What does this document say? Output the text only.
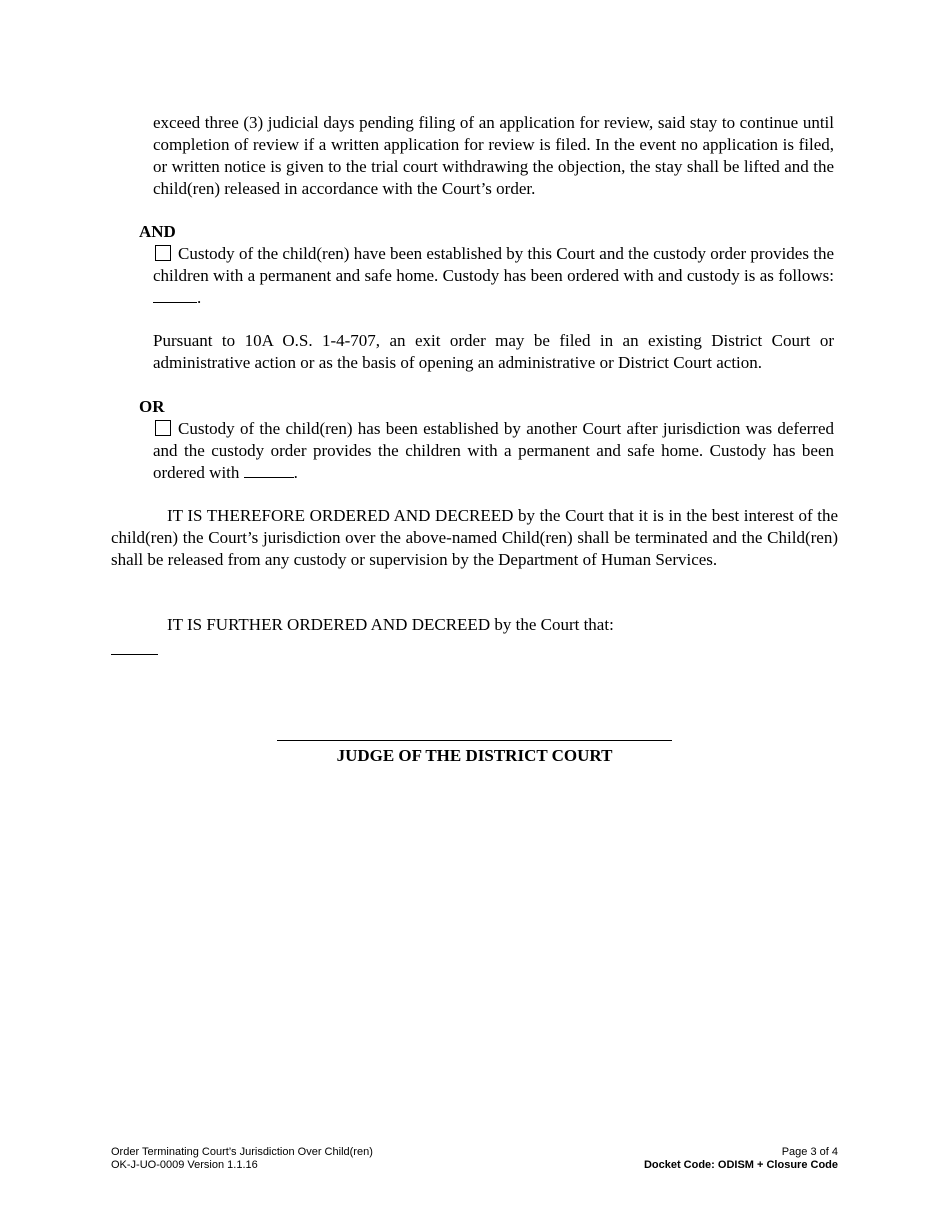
exceed three (3) judicial days pending filing of an application for review, said stay to continue until completion of review if a written application for review is filed. In the event no application is filed, or written notice is given to the trial court withdrawing the objection, the stay shall be lifted and the child(ren) released in accordance with the Court’s order.

AND

Custody of the child(ren) have been established by this Court and the custody order provides the children with a permanent and safe home. Custody has been ordered with and custody is as follows: .

Pursuant to 10A O.S. 1-4-707, an exit order may be filed in an existing District Court or administrative action or as the basis of opening an administrative or District Court action.

OR

Custody of the child(ren) has been established by another Court after jurisdiction was deferred and the custody order provides the children with a permanent and safe home. Custody has been ordered with	.

IT IS THEREFORE ORDERED AND DECREED by the Court that it is in the best interest of the child(ren) the Court’s jurisdiction over the above-named Child(ren) shall be terminated and the Child(ren) shall be released from any custody or supervision by the Department of Human Services.

IT IS FURTHER ORDERED AND DECREED by the Court that:

JUDGE OF THE DISTRICT COURT
Order Terminating Court’s Jurisdiction Over Child(ren)
OK-J-UO-0009 Version 1.1.16
Page 3 of 4
Docket Code: ODISM + Closure Code
